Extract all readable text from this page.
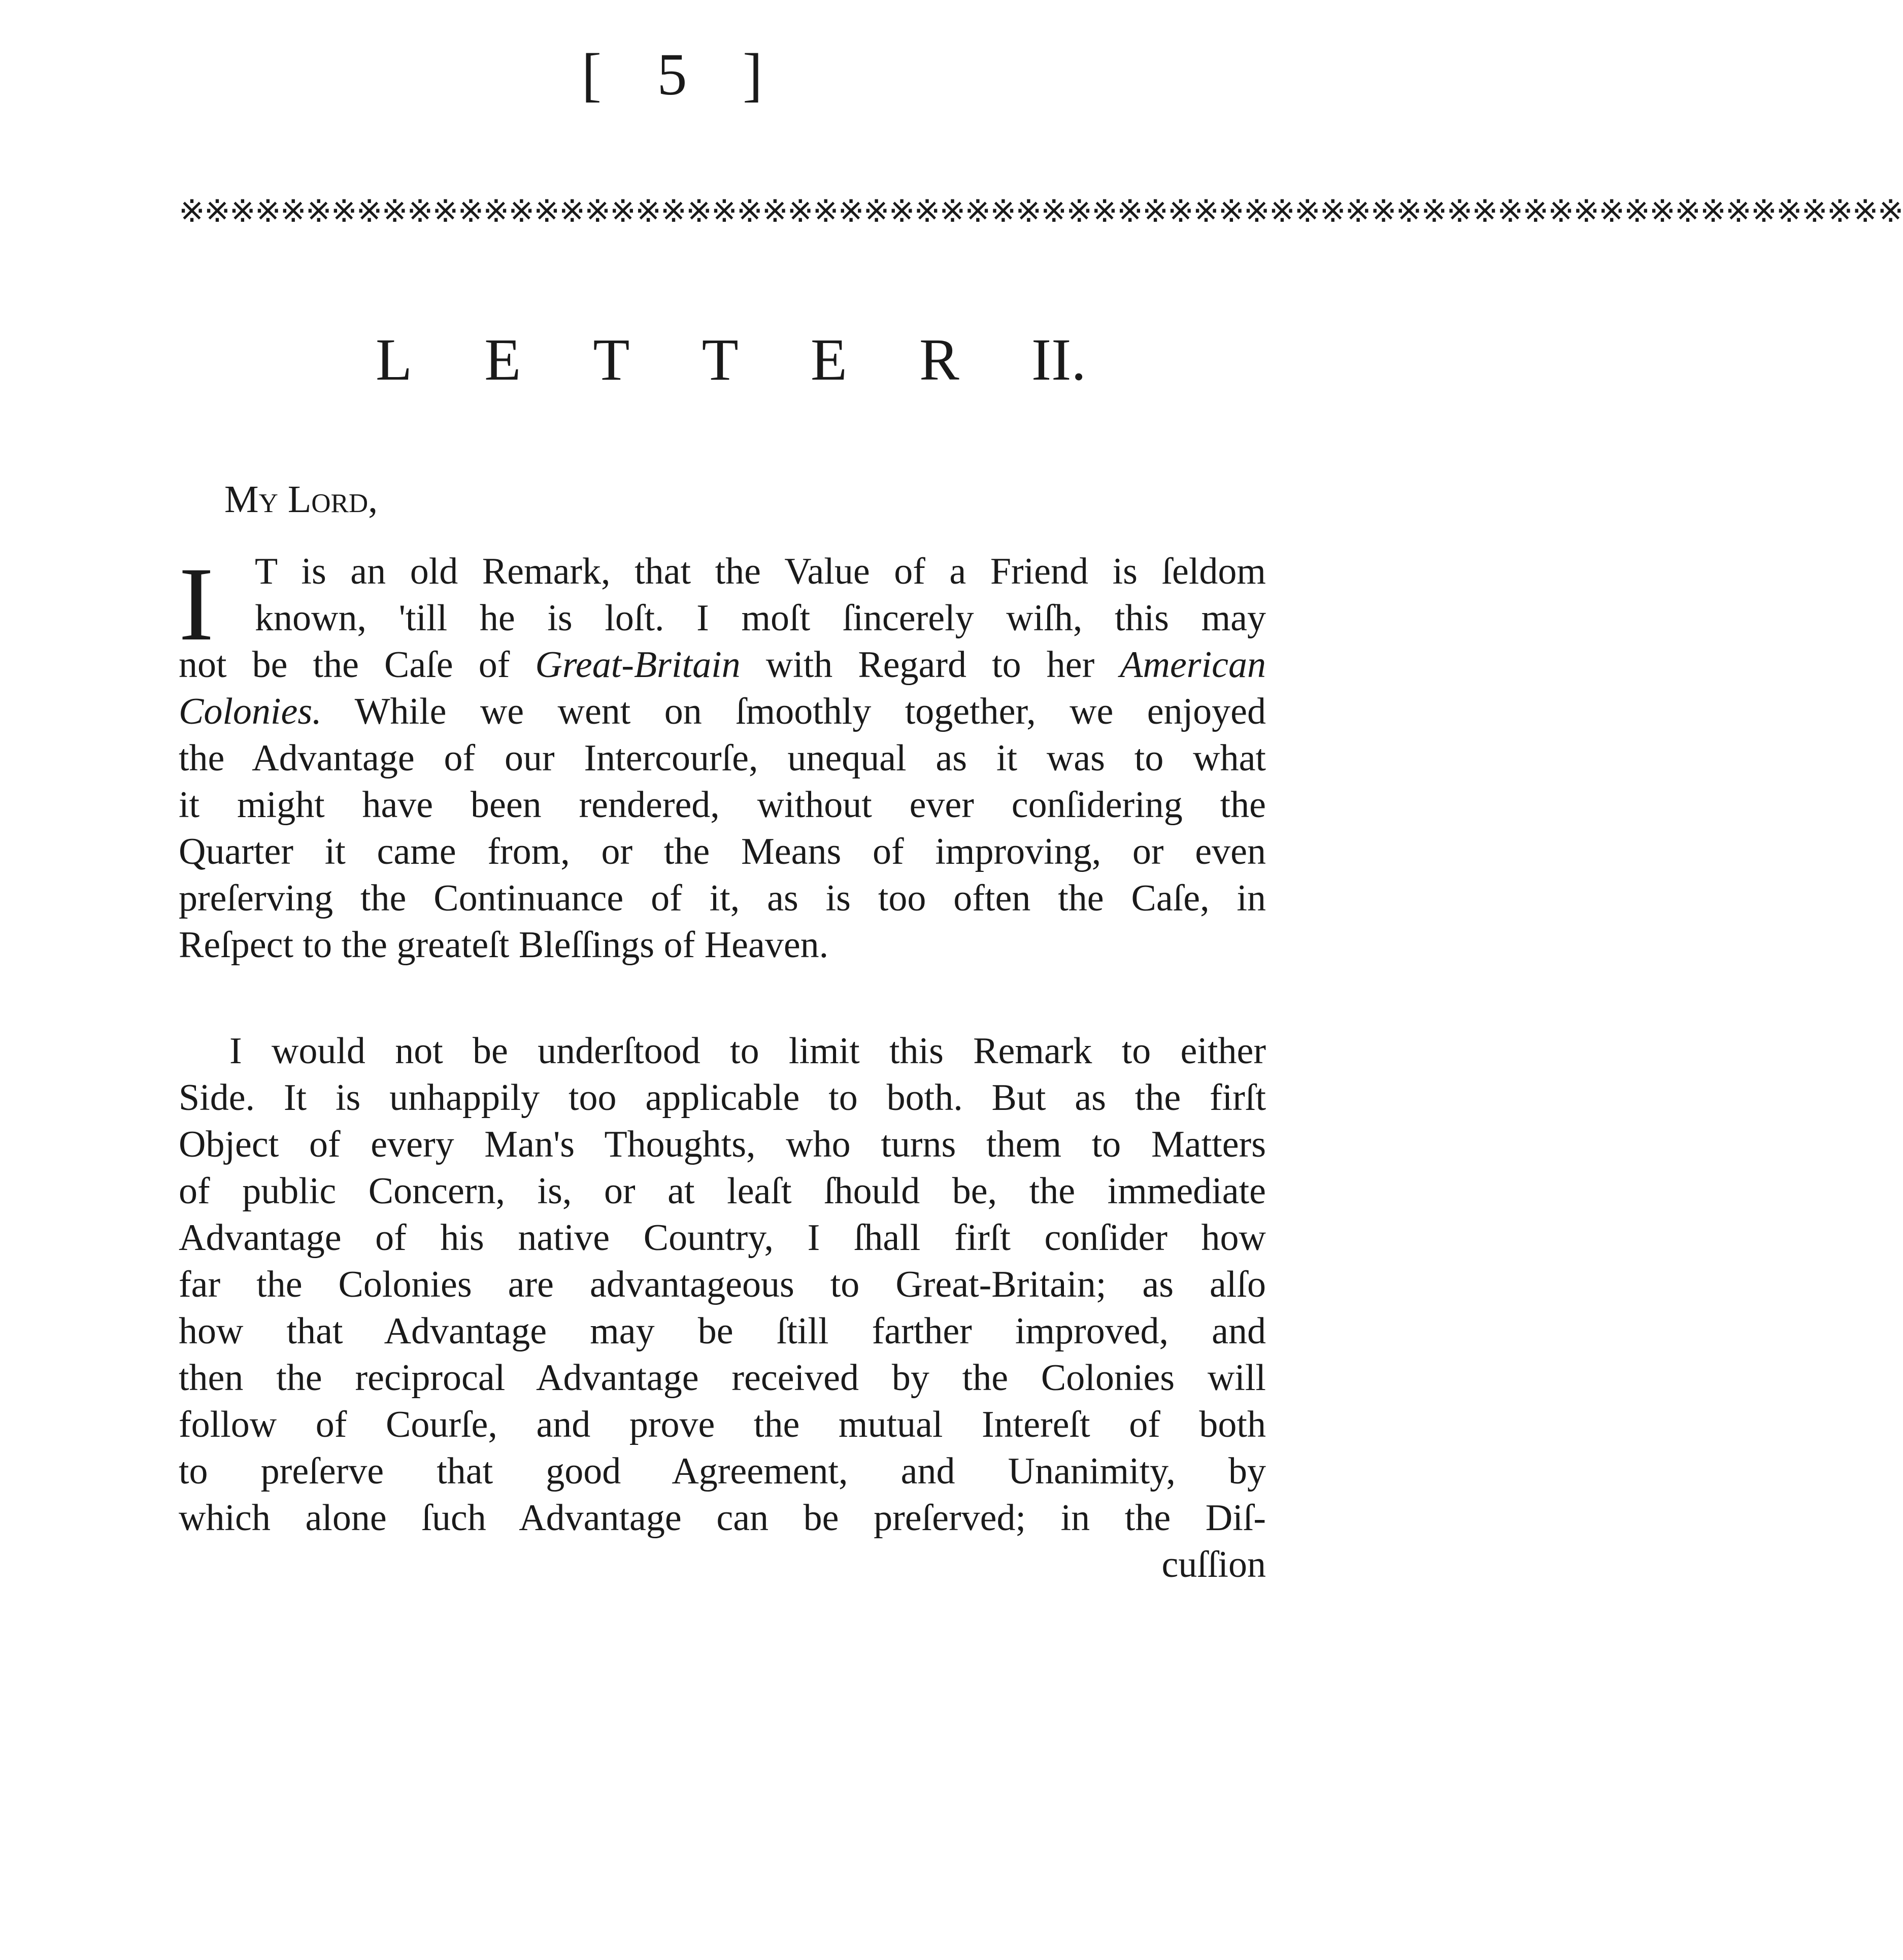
[ 5 ]
※※※※※※※※※※※※※※※※※※※※※※※※※※※※※※※※※※※※※※※※※※※※※※※※※※※※※※※※※※※※※※※※※※※※
L E T T E R II.
My Lord,
I	T is an old Remark, that the Value of a Friend is ſeldom
known, 'till he is loſt. I moſt ſincerely wiſh, this may
not be the Caſe of Great-Britain with Regard to her American
Colonies. While we went on ſmoothly together, we enjoyed
the Advantage of our Intercourſe, unequal as it was to what
it might have been rendered, without ever conſidering the
Quarter it came from, or the Means of improving, or even
preſerving the Continuance of it, as is too often the Caſe, in
Reſpect to the greateſt Bleſſings of Heaven.
I would not be underſtood to limit this Remark to either
Side. It is unhappily too applicable to both. But as the firſt
Object of every Man's Thoughts, who turns them to Matters
of public Concern, is, or at leaſt ſhould be, the immediate
Advantage of his native Country, I ſhall firſt conſider how
far the Colonies are advantageous to Great-Britain; as alſo
how that Advantage may be ſtill farther improved, and
then the reciprocal Advantage received by the Colonies will
follow of Courſe, and prove the mutual Intereſt of both
to preſerve that good Agreement, and Unanimity, by
which alone ſuch Advantage can be preſerved; in the Diſ-
cuſſion
